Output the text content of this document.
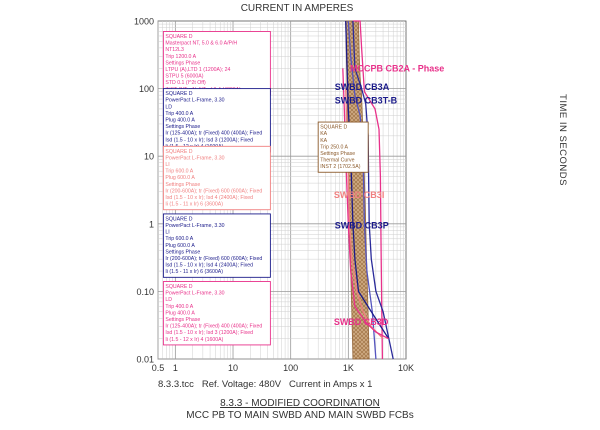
CURRENT IN AMPERES
TIME IN SECONDS
SQUARE D
Masterpact NT, 5.0 & 6.0 A/P/H
NT12L3
Trip 1200.0 A
Settings Phase
LTPU (A),LTD 1 (1200A); 24
STPU 5 (6000A)
STD 0.1 (I^2t Off)
SQUARE D
PowerPact L-Frame, 3.30
LD
Trip 400.0 A
Plug 400.0 A
Settings Phase
Ir (125-400A); tr (Fixed) 400 (400A); Fixed
Isd (1.5 - 10 x Ir); Isd 3 (1200A); Fixed
SQUARE D
PowerPact L-Frame, 3.30
LI
Trip 600.0 A
Plug 600.0 A
Settings Phase
Ir (200-600A); tr (Fixed) 600 (600A); Fixed
Isd (1.5 - 10 x Ir); Isd 4 (2400A); Fixed
Ii (1.5 - 11 x Ir) 6 (3600A)
SQUARE D
PowerPact L-Frame, 3.30
LI
Trip 600.0 A
Plug 600.0 A
Settings Phase
Ir (200-600A); tr (Fixed) 600 (600A); Fixed
Isd (1.5 - 10 x Ir); Isd 4 (2400A); Fixed
Ii (1.5 - 11 x Ir) 6 (3600A)
SQUARE D
PowerPact L-Frame, 3.30
LD
Trip 400.0 A
Plug 400.0 A
Settings Phase
Ir (125-400A); tr (Fixed) 400 (400A); Fixed
Isd (1.5 - 10 x Ir); Isd 3 (1200A); Fixed
Ii (1.5 - 12 x Ir) 4 (1600A)
SQUARE D
KA
KA
Trip 250.0 A
Settings Phase
Thermal Curve
INST 2 (1702.5A)
MCCPB CB2A - Phase
SWBD CB3A
SWBD CB3T-B
SWBD CB3I
SWBD CB3P
SWBD CB3D
0.5 1	10	100	1K	10K
1000
100
10
1
0.10
0.01
8.3.3.tcc Ref. Voltage: 480V Current in Amps x 1
8.3.3 - MODIFIED COORDINATION
MCC PB TO MAIN SWBD AND MAIN SWBD FCBs
